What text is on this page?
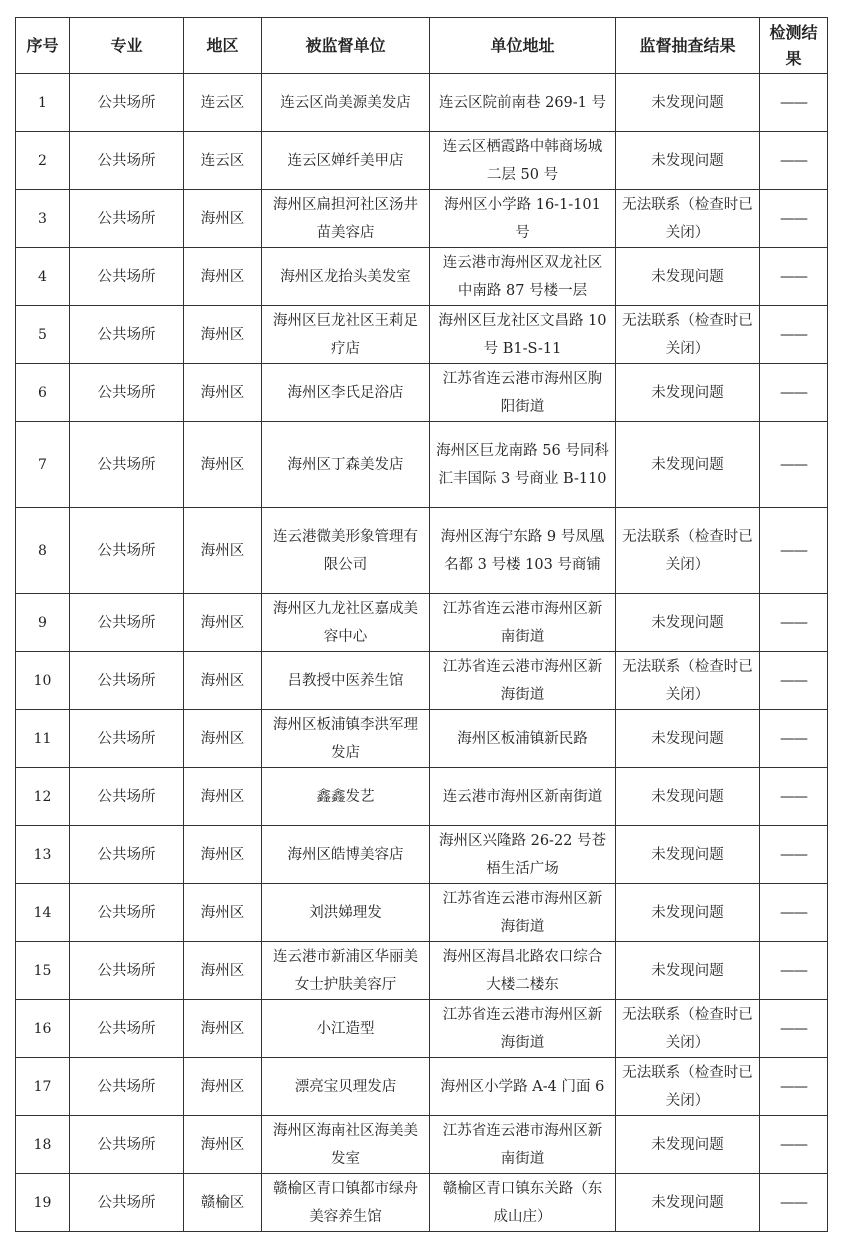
序号	专业	地区	被监督单位	单位地址	监督抽查结果	检测结果
1	公共场所	连云区	连云区尚美源美发店	连云区院前南巷 269-1 号	未发现问题	——
2	公共场所	连云区	连云区婵纤美甲店	连云区栖霞路中韩商场城二层 50 号	未发现问题	——
3	公共场所	海州区	海州区扁担河社区汤井苗美容店	海州区小学路 16-1-101 号	无法联系（检查时已关闭）	——
4	公共场所	海州区	海州区龙抬头美发室	连云港市海州区双龙社区中南路 87 号楼一层	未发现问题	——
5	公共场所	海州区	海州区巨龙社区王莉足疗店	海州区巨龙社区文昌路 10 号 B1-S-11	无法联系（检查时已关闭）	——
6	公共场所	海州区	海州区李氏足浴店	江苏省连云港市海州区朐阳街道	未发现问题	——
7	公共场所	海州区	海州区丁森美发店	海州区巨龙南路 56 号同科汇丰国际 3 号商业 B-110	未发现问题	——
8	公共场所	海州区	连云港微美形象管理有限公司	海州区海宁东路 9 号凤凰名都 3 号楼 103 号商铺	无法联系（检查时已关闭）	——
9	公共场所	海州区	海州区九龙社区嘉成美容中心	江苏省连云港市海州区新南街道	未发现问题	——
10	公共场所	海州区	吕教授中医养生馆	江苏省连云港市海州区新海街道	无法联系（检查时已关闭）	——
11	公共场所	海州区	海州区板浦镇李洪军理发店	海州区板浦镇新民路	未发现问题	——
12	公共场所	海州区	鑫鑫发艺	连云港市海州区新南街道	未发现问题	——
13	公共场所	海州区	海州区皓博美容店	海州区兴隆路 26-22 号苍梧生活广场	未发现问题	——
14	公共场所	海州区	刘洪娣理发	江苏省连云港市海州区新海街道	未发现问题	——
15	公共场所	海州区	连云港市新浦区华丽美女士护肤美容厅	海州区海昌北路农口综合大楼二楼东	未发现问题	——
16	公共场所	海州区	小江造型	江苏省连云港市海州区新海街道	无法联系（检查时已关闭）	——
17	公共场所	海州区	漂亮宝贝理发店	海州区小学路 A-4 门面 6	无法联系（检查时已关闭）	——
18	公共场所	海州区	海州区海南社区海美美发室	江苏省连云港市海州区新南街道	未发现问题	——
19	公共场所	赣榆区	赣榆区青口镇都市绿舟美容养生馆	赣榆区青口镇东关路（东成山庄）	未发现问题	——
